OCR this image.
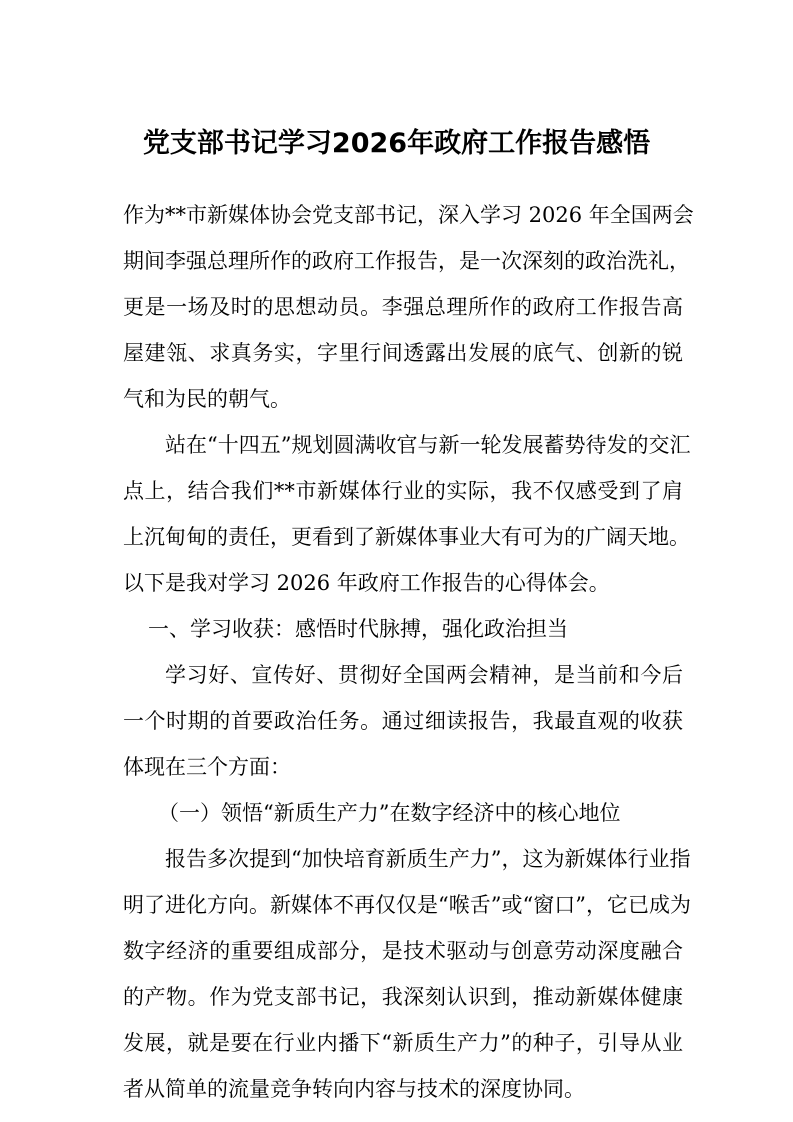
党支部书记学习2026年政府工作报告感悟
作为**市新媒体协会党支部书记，深入学习 2026 年全国两会
期间李强总理所作的政府工作报告，是一次深刻的政治洗礼，
更是一场及时的思想动员。李强总理所作的政府工作报告高
屋建瓴、求真务实，字里行间透露出发展的底气、创新的锐
气和为民的朝气。
站在“十四五”规划圆满收官与新一轮发展蓄势待发的交汇
点上，结合我们**市新媒体行业的实际，我不仅感受到了肩
上沉甸甸的责任，更看到了新媒体事业大有可为的广阔天地。
以下是我对学习 2026 年政府工作报告的心得体会。
一、学习收获：感悟时代脉搏，强化政治担当
学习好、宣传好、贯彻好全国两会精神，是当前和今后
一个时期的首要政治任务。通过细读报告，我最直观的收获
体现在三个方面：
（一）领悟“新质生产力”在数字经济中的核心地位
报告多次提到“加快培育新质生产力”，这为新媒体行业指
明了进化方向。新媒体不再仅仅是“喉舌”或“窗口”，它已成为
数字经济的重要组成部分，是技术驱动与创意劳动深度融合
的产物。作为党支部书记，我深刻认识到，推动新媒体健康
发展，就是要在行业内播下“新质生产力”的种子，引导从业
者从简单的流量竞争转向内容与技术的深度协同。
